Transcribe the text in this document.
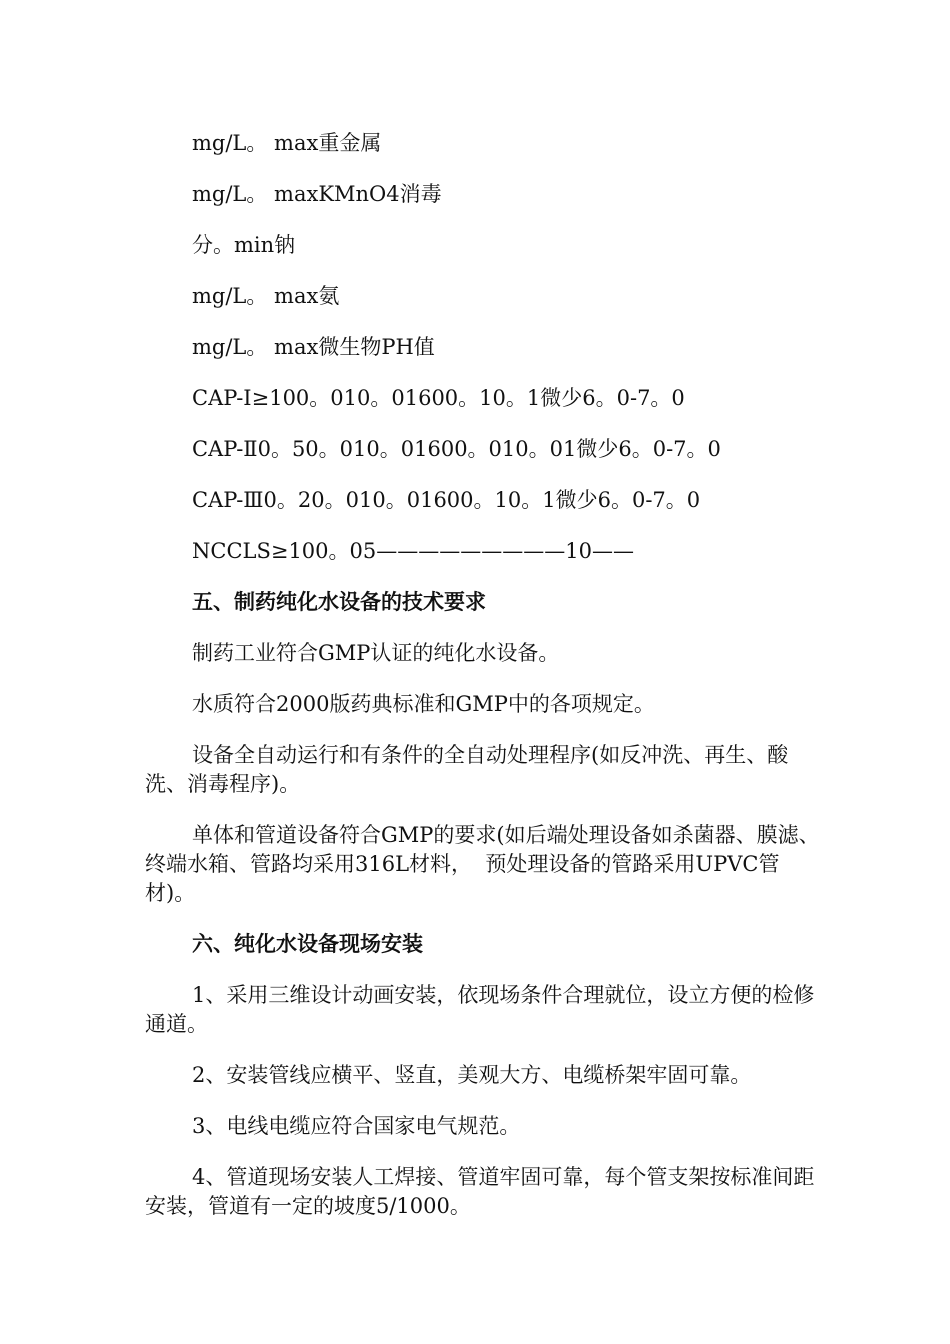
mg/L。 max重金属

mg/L。 maxKMnO4消毒

分。min钠

mg/L。 max氨

mg/L。 max微生物PH值

CAP-Ⅰ≥100。010。01600。10。1微少6。0-7。0

CAP-Ⅱ0。50。010。01600。010。01微少6。0-7。0

CAP-Ⅲ0。20。010。01600。10。1微少6。0-7。0

NCCLS≥100。05—————————10——

五、制药纯化水设备的技术要求

制药工业符合GMP认证的纯化水设备。

水质符合2000版药典标准和GMP中的各项规定。

设备全自动运行和有条件的全自动处理程序(如反冲洗、再生、酸洗、消毒程序)。

单体和管道设备符合GMP的要求(如后端处理设备如杀菌器、膜滤、终端水箱、管路均采用316L材料，  预处理设备的管路采用UPVC管材)。

六、纯化水设备现场安装

1、采用三维设计动画安装，依现场条件合理就位，设立方便的检修通道。

2、安装管线应横平、竖直，美观大方、电缆桥架牢固可靠。

3、电线电缆应符合国家电气规范。

4、管道现场安装人工焊接、管道牢固可靠，每个管支架按标准间距安装，管道有一定的坡度5/1000。
